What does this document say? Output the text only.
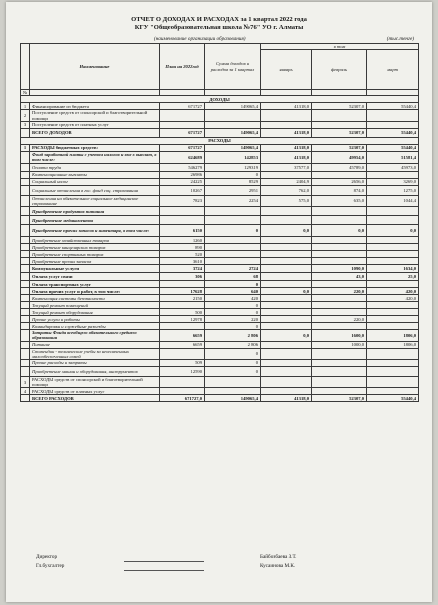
ОТЧЕТ О ДОХОДАХ И РАСХОДАХ за 1 квартал 2022 года
КГУ "Общеобразовательная школа №76" УО г. Алматы
(наименование организации образования)	(тыс.тенге)
	Наименование	План на 2022год	Сумма доходов и расходов за 1 квартал	в том		
				январь	февраль	март
№						
ДОХОДЫ						
1	Финансирование из бюджета	671727	149065,4	41318,0	52307,0	55440,4
2	Поступление средств от спонсорской и благотворительной помощи					
3	Поступление средств от платных услуг					
	ВСЕГО ДОХОДОВ	671727	149065,4	41318,0	52307,0	55440,4
РАСХОДЫ						
1	РАСХОДЫ бюджетных средств:	671727	149065,4	41318,0	52307,0	55440,4
	Фонд заработной платы с учетом налогов и взн-х выплат, в том числе:	624689	142853	41318,0	49954,0	51581,4
	Оплата труда	546279	129319	37577,0	45789,0	45973,0
	Компенсационные выплаты	26986	0			
	Социальный налог	24225	8529	2404,9	2656,0	3269,0
	Социальные отчисления в гос. фонд соц. страхования	10267	2951	762,0	874,0	1275,0
	Отчисления на обязательное социальное медицинское страхование	7823	2254	575,0	635,0	1044,4
	Приобретение продуктов питания					
	Приобретение медикаментов					
	Приобретение прочих запасов и инвентаря, в том числе:	6150	0	0,0	0,0	0,0
	Приобретение хозяйственных товаров	1260				
	Приобретение канцелярских товаров	890				
	Приобретение спортивных товаров	520				
	Приобретение прочих запасов	3610				
	Коммунальные услуги	3724	2724		1090,0	1634,0
	Оплата услуг связи	306	68		43,0	25,0
	Оплата транспортных услуг		0			
	Оплата прочих услуг и работ, в том числе:	17628	640	0,0	220,0	420,0
	Компенсация системы безопасности	2150	420			420,0
	Текущий ремонт помещений		0			
	Текущий ремонт оборудования	500	0			
	Прочие услуги и работы	12978	220		220,0	
	Командировки и служебные разъезды		0			
	Затраты Фонда всеобщего обязательного среднего образования	6659	2 806	0,0	1600,0	1806,0
	Питание	6659	2 806		1000,0	1806,0
	Стипендии - технические учебы за неоплаченных малообеспеченных семей		0			
	Прочие расходы и затраты	509	0			
	Приобретение машин и оборудования, инструментов	12590	0			
3	РАСХОДЫ средств от спонсорской и благотворительной помощи					
4	РАСХОДЫ средств от платных услуг					
	ВСЕГО РАСХОДОВ	671727,0	149065,4	41318,0	52307,0	55440,4
Директор	Байбозбаева З.Т.
Гл.бухгалтер	Кусаинова М.К.
